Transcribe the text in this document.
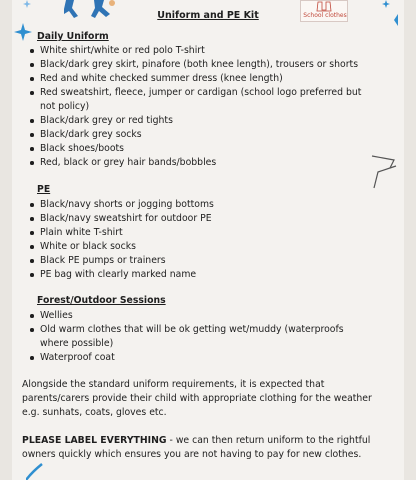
School clothes
Uniform and PE Kit
Daily Uniform
White shirt/white or red polo T-shirt
Black/dark grey skirt, pinafore (both knee length), trousers or shorts
Red and white checked summer dress (knee length)
Red sweatshirt, fleece, jumper or cardigan (school logo preferred but not policy)
Black/dark grey or red tights
Black/dark grey socks
Black shoes/boots
Red, black or grey hair bands/bobbles
PE
Black/navy shorts or jogging bottoms
Black/navy sweatshirt for outdoor PE
Plain white T-shirt
White or black socks
Black PE pumps or trainers
PE bag with clearly marked name
Forest/Outdoor Sessions
Wellies
Old warm clothes that will be ok getting wet/muddy (waterproofs where possible)
Waterproof coat

Alongside the standard uniform requirements, it is expected that parents/carers provide their child with appropriate clothing for the weather e.g. sunhats, coats, gloves etc.

PLEASE LABEL EVERYTHING - we can then return uniform to the rightful owners quickly which ensures you are not having to pay for new clothes.
